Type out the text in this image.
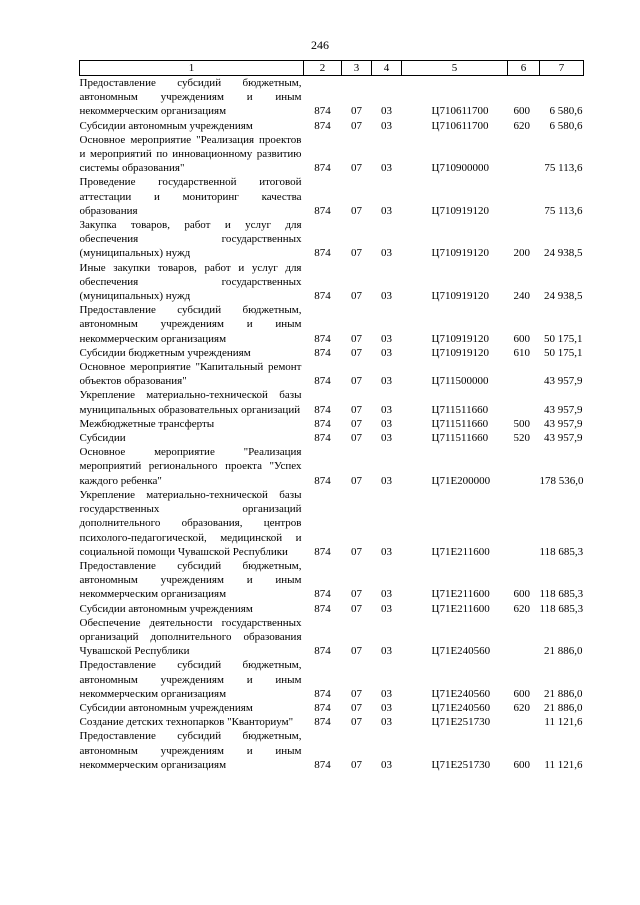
246
1	2	3	4	5	6	7
Предоставление субсидий бюджетным, автономным учреждениям и иным некоммерческим организациям	874	07	03	Ц710611700	600	6 580,6
Субсидии автономным учреждениям	874	07	03	Ц710611700	620	6 580,6
Основное мероприятие "Реализация проектов и мероприятий по инновационному развитию системы образования"	874	07	03	Ц710900000		75 113,6
Проведение государственной итоговой аттестации и мониторинг качества образования	874	07	03	Ц710919120		75 113,6
Закупка товаров, работ и услуг для обеспечения государственных (муниципальных) нужд	874	07	03	Ц710919120	200	24 938,5
Иные закупки товаров, работ и услуг для обеспечения государственных (муниципальных) нужд	874	07	03	Ц710919120	240	24 938,5
Предоставление субсидий бюджетным, автономным учреждениям и иным некоммерческим организациям	874	07	03	Ц710919120	600	50 175,1
Субсидии бюджетным учреждениям	874	07	03	Ц710919120	610	50 175,1
Основное мероприятие "Капитальный ремонт объектов образования"	874	07	03	Ц711500000		43 957,9
Укрепление материально-технической базы муниципальных образовательных организаций	874	07	03	Ц711511660		43 957,9
Межбюджетные трансферты	874	07	03	Ц711511660	500	43 957,9
Субсидии	874	07	03	Ц711511660	520	43 957,9
Основное мероприятие "Реализация мероприятий регионального проекта "Успех каждого ребенка"	874	07	03	Ц71Е200000		178 536,0
Укрепление материально-технической базы государственных организаций дополнительного образования, центров психолого-педагогической, медицинской и социальной помощи Чувашской Республики	874	07	03	Ц71Е211600		118 685,3
Предоставление субсидий бюджетным, автономным учреждениям и иным некоммерческим организациям	874	07	03	Ц71Е211600	600	118 685,3
Субсидии автономным учреждениям	874	07	03	Ц71Е211600	620	118 685,3
Обеспечение деятельности государственных организаций дополнительного образования Чувашской Республики	874	07	03	Ц71Е240560		21 886,0
Предоставление субсидий бюджетным, автономным учреждениям и иным некоммерческим организациям	874	07	03	Ц71Е240560	600	21 886,0
Субсидии автономным учреждениям	874	07	03	Ц71Е240560	620	21 886,0
Создание детских технопарков "Кванториум"	874	07	03	Ц71Е251730		11 121,6
Предоставление субсидий бюджетным, автономным учреждениям и иным некоммерческим организациям	874	07	03	Ц71Е251730	600	11 121,6
